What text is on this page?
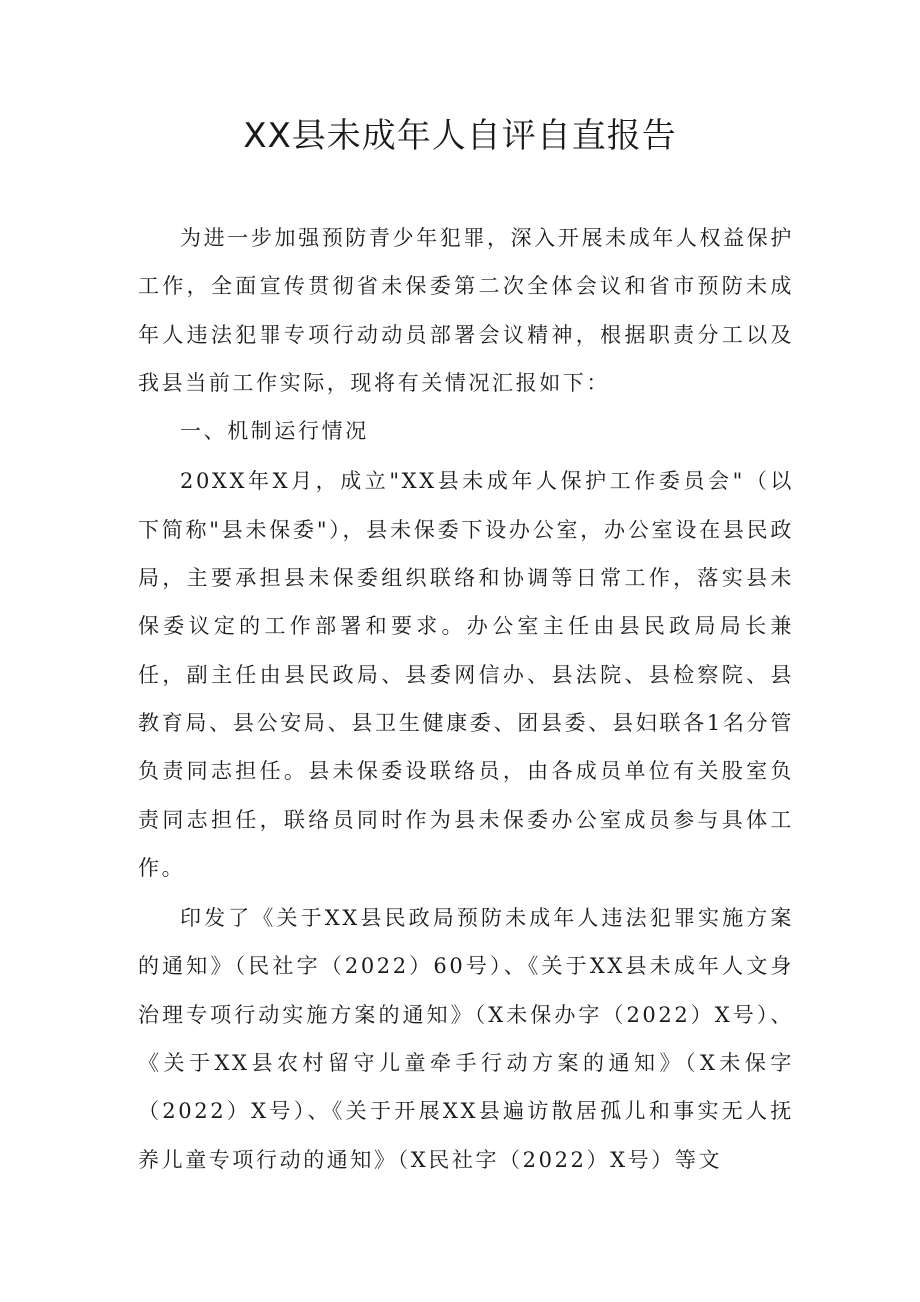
XX县未成年人自评自直报告

为进一步加强预防青少年犯罪，深入开展未成年人权益保护工作，全面宣传贯彻省未保委第二次全体会议和省市预防未成年人违法犯罪专项行动动员部署会议精神，根据职责分工以及我县当前工作实际，现将有关情况汇报如下：

一、机制运行情况

20XX年X月，成立"XX县未成年人保护工作委员会"（以下简称"县未保委"），县未保委下设办公室，办公室设在县民政局，主要承担县未保委组织联络和协调等日常工作，落实县未保委议定的工作部署和要求。办公室主任由县民政局局长兼任，副主任由县民政局、县委网信办、县法院、县检察院、县教育局、县公安局、县卫生健康委、团县委、县妇联各1名分管负责同志担任。县未保委设联络员，由各成员单位有关股室负责同志担任，联络员同时作为县未保委办公室成员参与具体工作。

印发了《关于XX县民政局预防未成年人违法犯罪实施方案的通知》（民社字（2022）60号）、《关于XX县未成年人文身治理专项行动实施方案的通知》（X未保办字（2022）X号）、《关于XX县农村留守儿童牵手行动方案的通知》（X未保字（2022）X号）、《关于开展XX县遍访散居孤儿和事实无人抚养儿童专项行动的通知》（X民社字（2022）X号）等文
